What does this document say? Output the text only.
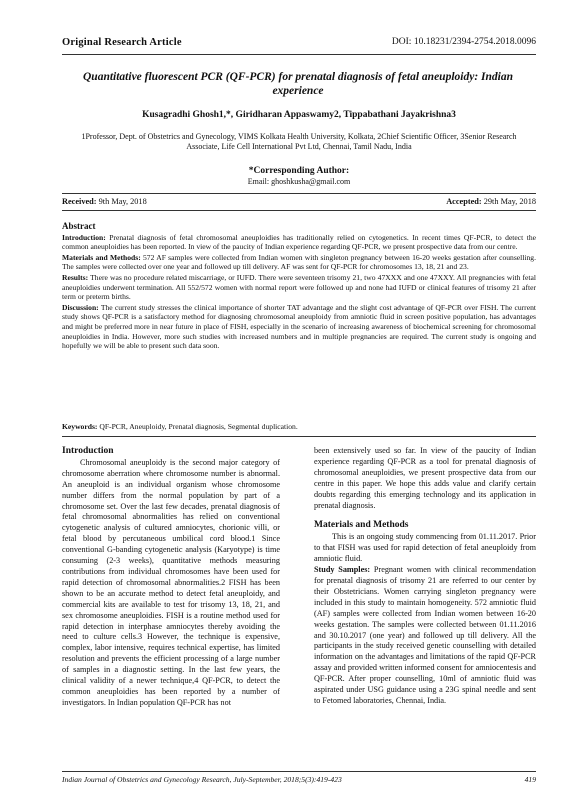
Original Research Article	DOI: 10.18231/2394-2754.2018.0096
Quantitative fluorescent PCR (QF-PCR) for prenatal diagnosis of fetal aneuploidy: Indian experience
Kusagradhi Ghosh1,*, Giridharan Appaswamy2, Tippabathani Jayakrishna3
1Professor, Dept. of Obstetrics and Gynecology, VIMS Kolkata Health University, Kolkata, 2Chief Scientific Officer, 3Senior Research Associate, Life Cell International Pvt Ltd, Chennai, Tamil Nadu, India
*Corresponding Author:
Email: ghoshkusha@gmail.com
Received: 9th May, 2018	Accepted: 29th May, 2018
Abstract

Introduction: Prenatal diagnosis of fetal chromosomal aneuploidies has traditionally relied on cytogenetics. In recent times QF-PCR, to detect the common aneuploidies has been reported. In view of the paucity of Indian experience regarding QF-PCR, we present prospective data from our centre.

Materials and Methods: 572 AF samples were collected from Indian women with singleton pregnancy between 16-20 weeks gestation after counselling. The samples were collected over one year and followed up till delivery. AF was sent for QF-PCR for chromosomes 13, 18, 21 and 23.

Results: There was no procedure related miscarriage, or IUFD. There were seventeen trisomy 21, two 47XXX and one 47XXY. All pregnancies with fetal aneuploidies underwent termination. All 552/572 women with normal report were followed up and none had IUFD or clinical features of trisomy 21 after term or preterm births.

Discussion: The current study stresses the clinical importance of shorter TAT advantage and the slight cost advantage of QF-PCR over FISH. The current study shows QF-PCR is a satisfactory method for diagnosing chromosomal aneuploidy from amniotic fluid in screen positive population, has advantages and might be preferred more in near future in place of FISH, especially in the scenario of increasing awareness of biochemical screening for chromosomal aneuploidies in India. However, more such studies with increased numbers and in multiple pregnancies are required. The current study is ongoing and hopefully we will be able to present such data soon.

Keywords: QF-PCR, Aneuploidy, Prenatal diagnosis, Segmental duplication.
Introduction

Chromosomal aneuploidy is the second major category of chromosome aberration where chromosome number is abnormal. An aneuploid is an individual organism whose chromosome number differs from the normal population by part of a chromosome set. Over the last few decades, prenatal diagnosis of fetal chromosomal abnormalities has relied on conventional cytogenetic analysis of cultured amniocytes, chorionic villi, or fetal blood by percutaneous umbilical cord blood.1 Since conventional G-banding cytogenetic analysis (Karyotype) is time consuming (2-3 weeks), quantitative methods measuring contributions from individual chromosomes have been used for rapid detection of chromosomal abnormalities.2 FISH has been shown to be an accurate method to detect fetal aneuploidy, and commercial kits are available to test for trisomy 13, 18, 21, and sex chromosome aneuploidies. FISH is a routine method used for rapid detection in interphase amniocytes thereby avoiding the need to culture cells.3 However, the technique is expensive, complex, labor intensive, requires technical expertise, has limited resolution and prevents the efficient processing of a large number of samples in a diagnostic setting. In the last few years, the clinical validity of a newer technique,4 QF-PCR, to detect the common aneuploidies has been reported by a number of investigators. In Indian population QF-PCR has not

been extensively used so far. In view of the paucity of Indian experience regarding QF-PCR as a tool for prenatal diagnosis of chromosomal aneuploidies, we present prospective data from our centre in this paper. We hope this adds value and clarify certain doubts regarding this emerging technology and its application in prenatal diagnosis.

Materials and Methods

This is an ongoing study commencing from 01.11.2017. Prior to that FISH was used for rapid detection of fetal aneuploidy from amniotic fluid.

Study Samples: Pregnant women with clinical recommendation for prenatal diagnosis of trisomy 21 are referred to our center by their Obstetricians. Women carrying singleton pregnancy were included in this study to maintain homogeneity. 572 amniotic fluid (AF) samples were collected from Indian women between 16-20 weeks gestation. The samples were collected between 01.11.2016 and 30.10.2017 (one year) and followed up till delivery. All the participants in the study received genetic counselling with detailed information on the advantages and limitations of the rapid QF-PCR assay and provided written informed consent for amniocentesis and QF-PCR. After proper counselling, 10ml of amniotic fluid was aspirated under USG guidance using a 23G spinal needle and sent to Fetomed laboratories, Chennai, India.

Indian Journal of Obstetrics and Gynecology Research, July-September, 2018;5(3):419-423	419
